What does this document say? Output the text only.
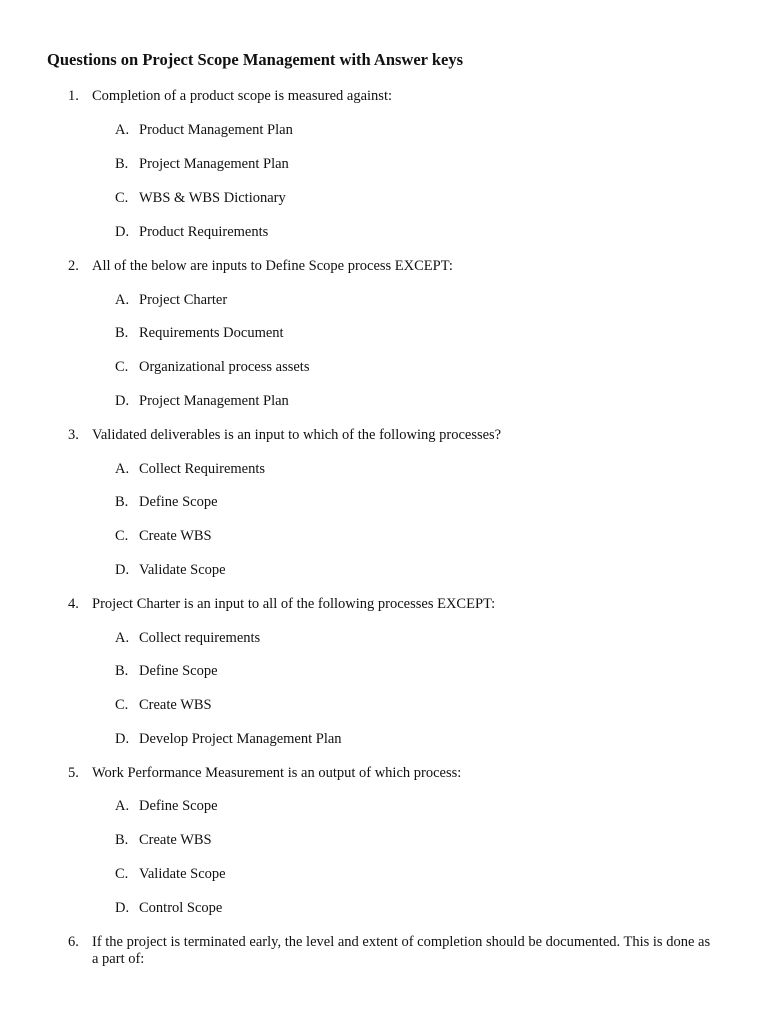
Questions on Project Scope Management with Answer keys
1. Completion of a product scope is measured against:
A. Product Management Plan
B. Project Management Plan
C. WBS & WBS Dictionary
D. Product Requirements
2. All of the below are inputs to Define Scope process EXCEPT:
A. Project Charter
B. Requirements Document
C. Organizational process assets
D. Project Management Plan
3. Validated deliverables is an input to which of the following processes?
A. Collect Requirements
B. Define Scope
C. Create WBS
D. Validate Scope
4. Project Charter is an input to all of the following processes EXCEPT:
A. Collect requirements
B. Define Scope
C. Create WBS
D. Develop Project Management Plan
5. Work Performance Measurement is an output of which process:
A. Define Scope
B. Create WBS
C. Validate Scope
D. Control Scope
6. If the project is terminated early, the level and extent of completion should be documented. This is done as a part of:
